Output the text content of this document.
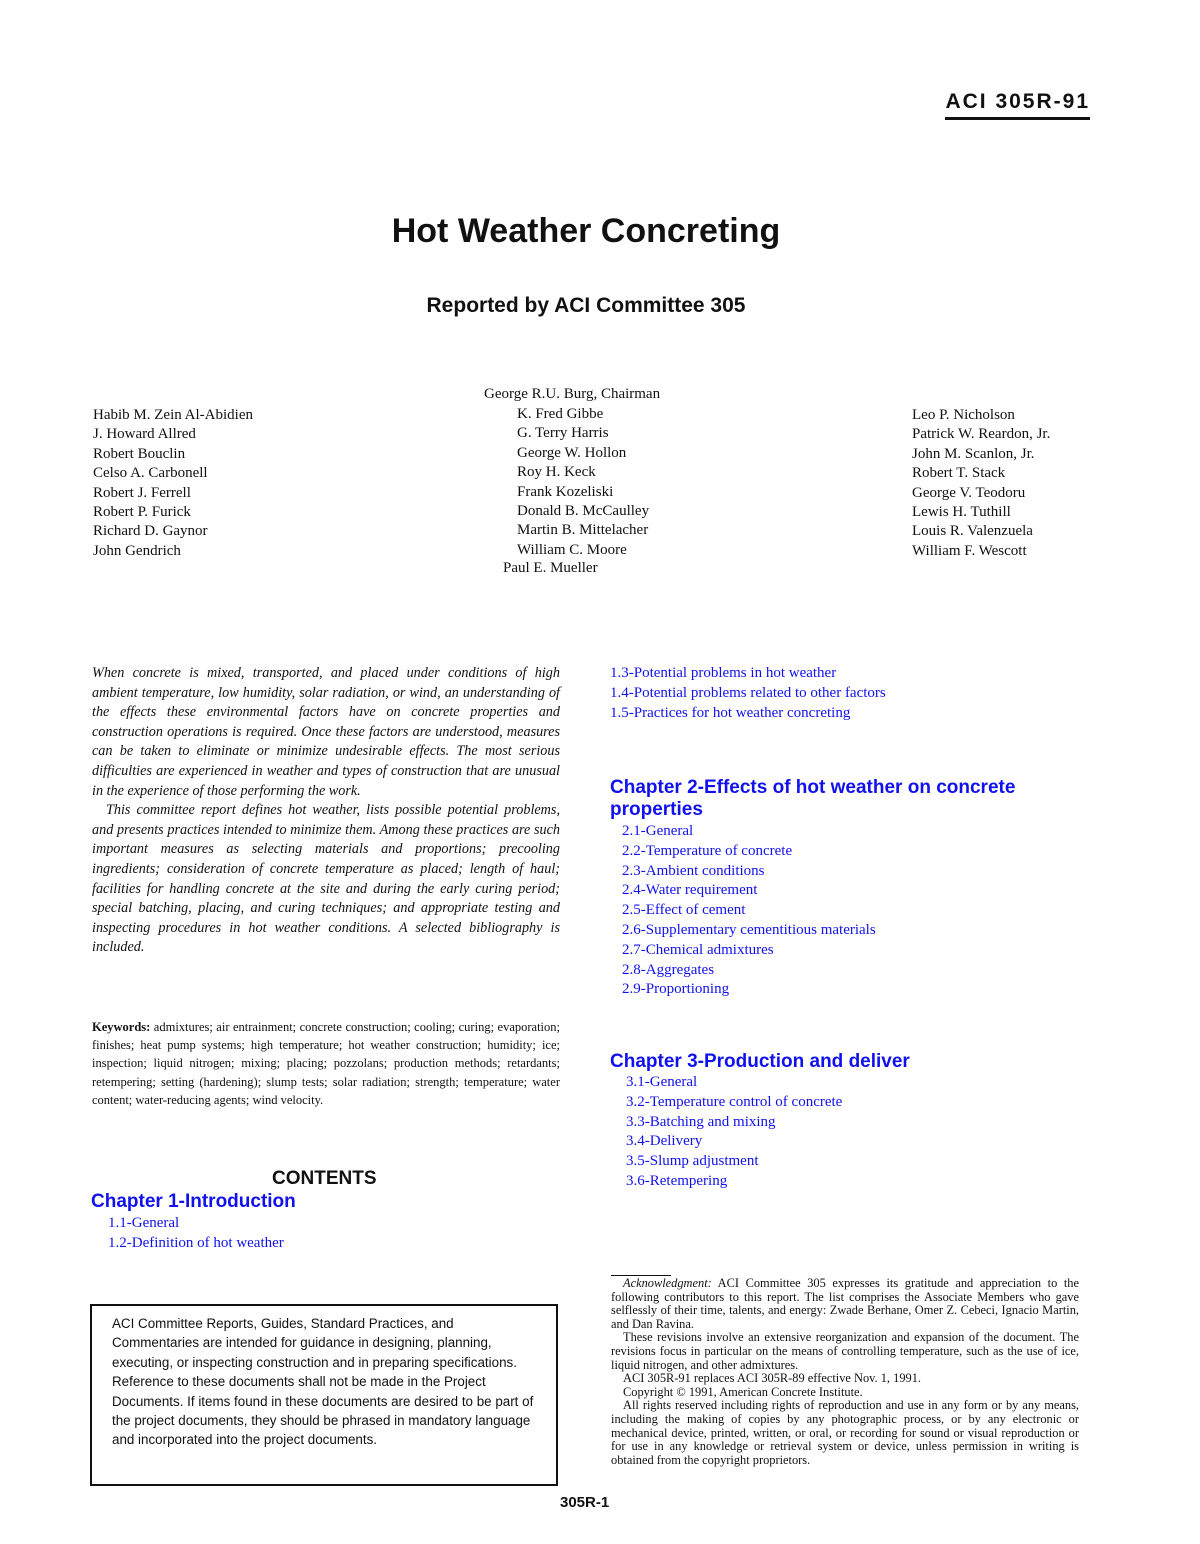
ACI 305R-91
Hot Weather Concreting
Reported by ACI Committee 305
George R.U. Burg, Chairman
Habib M. Zein Al-Abidien
J. Howard Allred
Robert Bouclin
Celso A. Carbonell
Robert J. Ferrell
Robert P. Furick
Richard D. Gaynor
John Gendrich
K. Fred Gibbe
G. Terry Harris
George W. Hollon
Roy H. Keck
Frank Kozeliski
Donald B. McCaulley
Martin B. Mittelacher
William C. Moore
Paul E. Mueller
Leo P. Nicholson
Patrick W. Reardon, Jr.
John M. Scanlon, Jr.
Robert T. Stack
George V. Teodoru
Lewis H. Tuthill
Louis R. Valenzuela
William F. Wescott

When concrete is mixed, transported, and placed under conditions of high ambient temperature, low humidity, solar radiation, or wind, an understanding of the effects these environmental factors have on concrete properties and construction operations is required. Once these factors are understood, measures can be taken to eliminate or minimize undesirable effects. The most serious difficulties are experienced in weather and types of construction that are unusual in the experience of those performing the work.

This committee report defines hot weather, lists possible potential problems, and presents practices intended to minimize them. Among these practices are such important measures as selecting materials and proportions; precooling ingredients; consideration of concrete temperature as placed; length of haul; facilities for handling concrete at the site and during the early curing period; special batching, placing, and curing techniques; and appropriate testing and inspecting procedures in hot weather conditions. A selected bibliography is included.

Keywords: admixtures; air entrainment; concrete construction; cooling; curing; evaporation; finishes; heat pump systems; high temperature; hot weather construction; humidity; ice; inspection; liquid nitrogen; mixing; placing; pozzolans; production methods; retardants; retempering; setting (hardening); slump tests; solar radiation; strength; temperature; water content; water-reducing agents; wind velocity.
CONTENTS
Chapter 1-Introduction
1.1-General
1.2-Definition of hot weather
1.3-Potential problems in hot weather
1.4-Potential problems related to other factors
1.5-Practices for hot weather concreting
Chapter 2-Effects of hot weather on concrete properties
2.1-General
2.2-Temperature of concrete
2.3-Ambient conditions
2.4-Water requirement
2.5-Effect of cement
2.6-Supplementary cementitious materials
2.7-Chemical admixtures
2.8-Aggregates
2.9-Proportioning
Chapter 3-Production and deliver
3.1-General
3.2-Temperature control of concrete
3.3-Batching and mixing
3.4-Delivery
3.5-Slump adjustment
3.6-Retempering
ACI Committee Reports, Guides, Standard Practices, and Commentaries are intended for guidance in designing, planning, executing, or inspecting construction and in preparing specifications. Reference to these documents shall not be made in the Project Documents. If items found in these documents are desired to be part of the project documents, they should be phrased in mandatory language and incorporated into the project documents.

Acknowledgment: ACI Committee 305 expresses its gratitude and appreciation to the following contributors to this report. The list comprises the Associate Members who gave selflessly of their time, talents, and energy: Zwade Berhane, Omer Z. Cebeci, Ignacio Martin, and Dan Ravina.

These revisions involve an extensive reorganization and expansion of the document. The revisions focus in particular on the means of controlling temperature, such as the use of ice, liquid nitrogen, and other admixtures.

ACI 305R-91 replaces ACI 305R-89 effective Nov. 1, 1991.

Copyright © 1991, American Concrete Institute.

All rights reserved including rights of reproduction and use in any form or by any means, including the making of copies by any photographic process, or by any electronic or mechanical device, printed, written, or oral, or recording for sound or visual reproduction or for use in any knowledge or retrieval system or device, unless permission in writing is obtained from the copyright proprietors.

305R-1
